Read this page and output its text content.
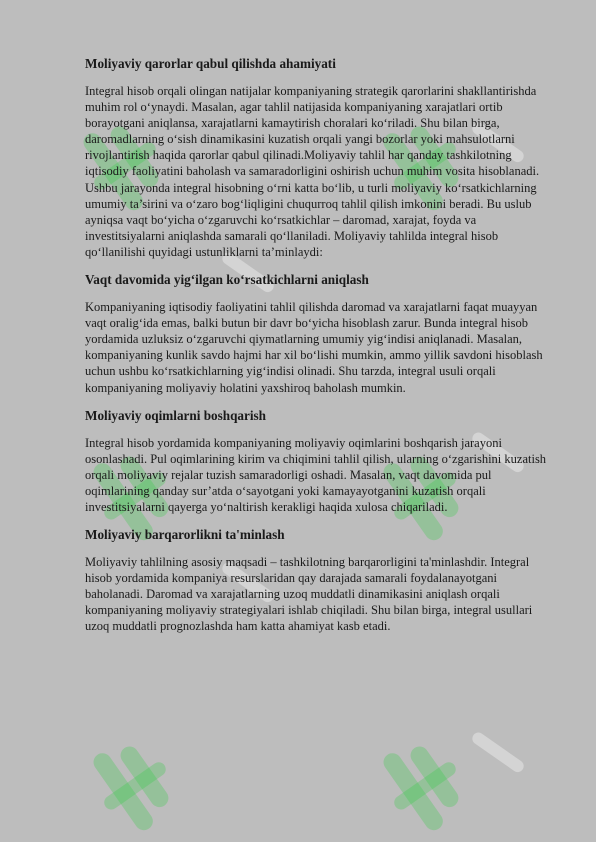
Moliyaviy qarorlar qabul qilishda ahamiyati
Integral hisob orqali olingan natijalar kompaniyaning strategik qarorlarini shakllantirishda muhim rol o‘ynaydi. Masalan, agar tahlil natijasida kompaniyaning xarajatlari ortib borayotgani aniqlansa, xarajatlarni kamaytirish choralari ko‘riladi. Shu bilan birga, daromadlarning o‘sish dinamikasini kuzatish orqali yangi bozorlar yoki mahsulotlarni rivojlantirish haqida qarorlar qabul qilinadi.Moliyaviy tahlil har qanday tashkilotning iqtisodiy faoliyatini baholash va samaradorligini oshirish uchun muhim vosita hisoblanadi. Ushbu jarayonda integral hisobning o‘rni katta bo‘lib, u turli moliyaviy ko‘rsatkichlarning umumiy ta’sirini va o‘zaro bog‘liqligini chuqurroq tahlil qilish imkonini beradi. Bu uslub ayniqsa vaqt bo‘yicha o‘zgaruvchi ko‘rsatkichlar – daromad, xarajat, foyda va investitsiyalarni aniqlashda samarali qo‘llaniladi. Moliyaviy tahlilda integral hisob qo‘llanilishi quyidagi ustunliklarni ta’minlaydi:
Vaqt davomida yig‘ilgan ko‘rsatkichlarni aniqlash
Kompaniyaning iqtisodiy faoliyatini tahlil qilishda daromad va xarajatlarni faqat muayyan vaqt oralig‘ida emas, balki butun bir davr bo‘yicha hisoblash zarur. Bunda integral hisob yordamida uzluksiz o‘zgaruvchi qiymatlarning umumiy yig‘indisi aniqlanadi. Masalan, kompaniyaning kunlik savdo hajmi har xil bo‘lishi mumkin, ammo yillik savdoni hisoblash uchun ushbu ko‘rsatkichlarning yig‘indisi olinadi. Shu tarzda, integral usuli orqali kompaniyaning moliyaviy holatini yaxshiroq baholash mumkin.
Moliyaviy oqimlarni boshqarish
Integral hisob yordamida kompaniyaning moliyaviy oqimlarini boshqarish jarayoni osonlashadi. Pul oqimlarining kirim va chiqimini tahlil qilish, ularning o‘zgarishini kuzatish orqali moliyaviy rejalar tuzish samaradorligi oshadi. Masalan, vaqt davomida pul oqimlarining qanday sur’atda o‘sayotgani yoki kamayayotganini kuzatish orqali investitsiyalarni qayerga yo‘naltirish kerakligi haqida xulosa chiqariladi.
Moliyaviy barqarorlikni ta'minlash
Moliyaviy tahlilning asosiy maqsadi – tashkilotning barqarorligini ta'minlashdir. Integral hisob yordamida kompaniya resurslaridan qay darajada samarali foydalanayotgani baholanadi. Daromad va xarajatlarning uzoq muddatli dinamikasini aniqlash orqali kompaniyaning moliyaviy strategiyalari ishlab chiqiladi. Shu bilan birga, integral usullari uzoq muddatli prognozlashda ham katta ahamiyat kasb etadi.
